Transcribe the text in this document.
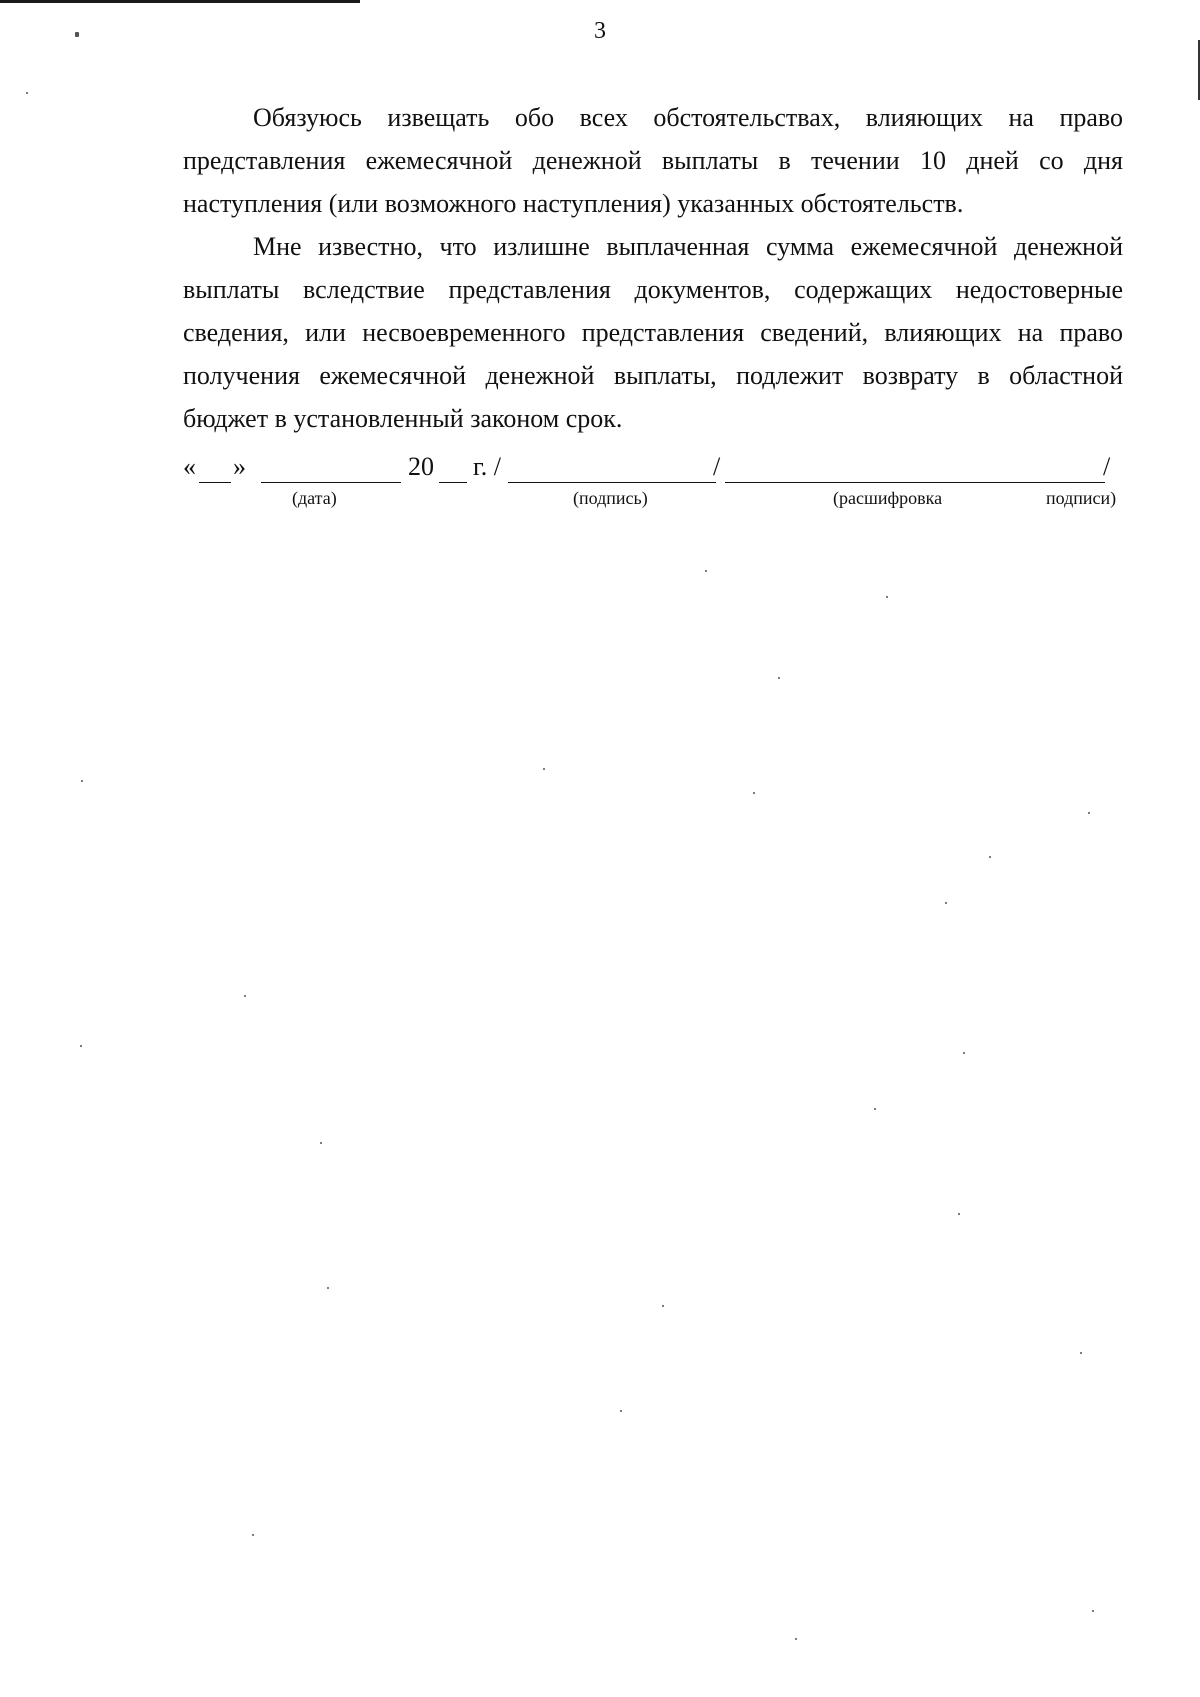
3

Обязуюсь извещать обо всех обстоятельствах, влияющих на право представления ежемесячной денежной выплаты в течении 10 дней со дня наступления (или возможного наступления) указанных обстоятельств.

Мне известно, что излишне выплаченная сумма ежемесячной денежной выплаты вследствие представления документов, содержащих недостоверные сведения, или несвоевременного представления сведений, влияющих на право получения ежемесячной денежной выплаты, подлежит возврату в областной бюджет в установленный законом срок.

« »	20 г. /	/	/
(дата)	(подпись)	(расшифровка	подписи)
